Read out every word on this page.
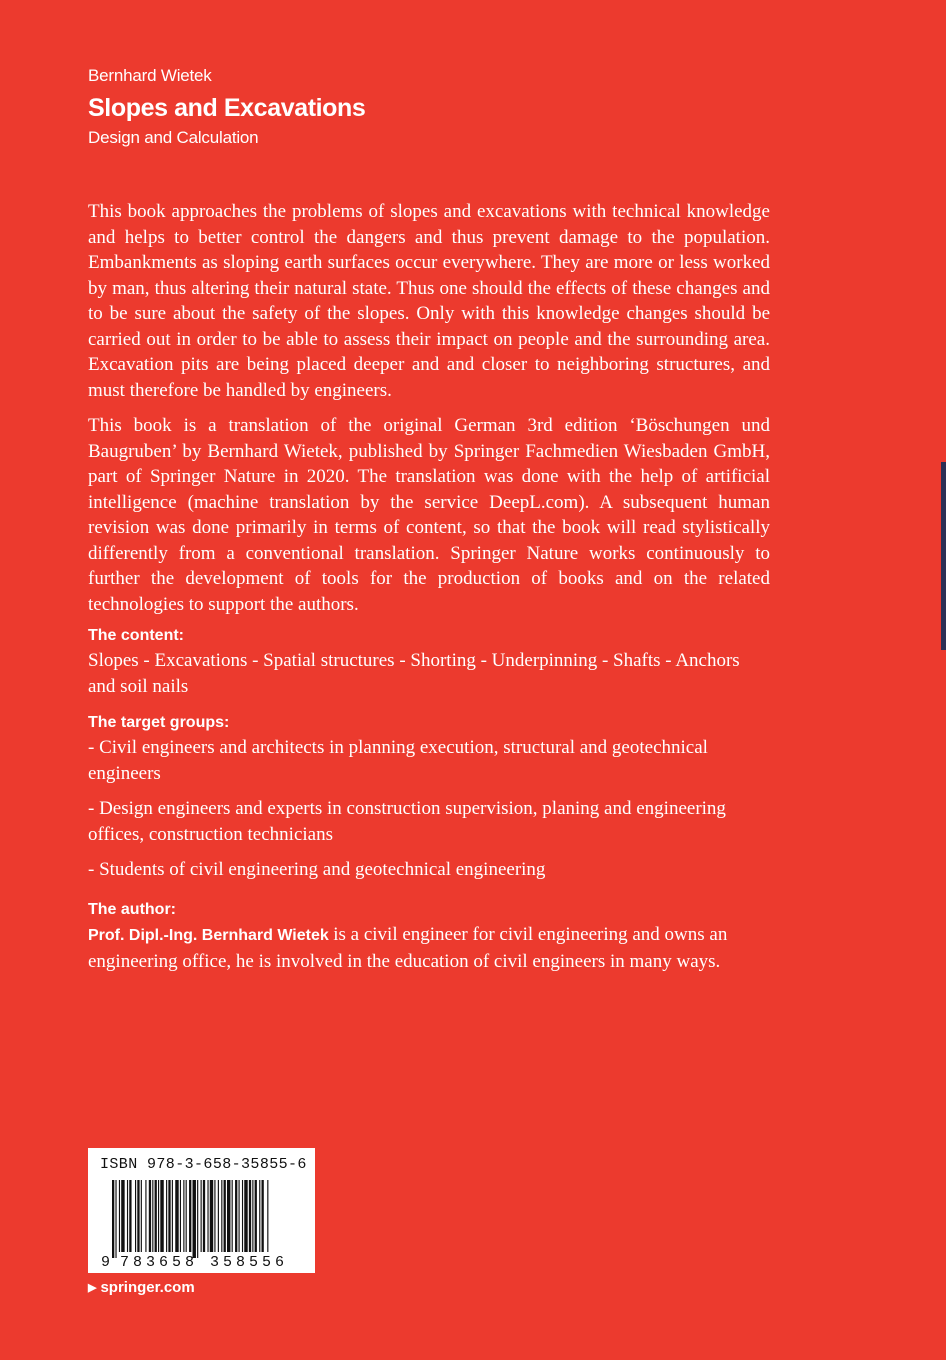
Bernhard Wietek
Slopes and Excavations
Design and Calculation

This book approaches the problems of slopes and excavations with technical knowledge and helps to better control the dangers and thus prevent damage to the population. Embankments as sloping earth surfaces occur everywhere. They are more or less worked by man, thus altering their natural state. Thus one should the effects of these changes and to be sure about the safety of the slopes. Only with this knowledge changes should be carried out in order to be able to assess their impact on people and the surrounding area. Excavation pits are being placed deeper and and closer to neighboring structures, and must therefore be handled by engineers.

This book is a translation of the original German 3rd edition ‘Böschungen und Baugruben’ by Bernhard Wietek, published by Springer Fachmedien Wiesbaden GmbH, part of Springer Nature in 2020. The translation was done with the help of artificial intelligence (machine translation by the service DeepL.com). A subsequent human revision was done primarily in terms of content, so that the book will read stylistically differently from a conventional translation. Springer Nature works continuously to further the development of tools for the production of books and on the related technologies to support the authors.

The content:
Slopes - Excavations - Spatial structures - Shorting - Underpinning - Shafts - Anchors and soil nails
The target groups:
- Civil engineers and architects in planning execution, structural and geotechnical engineers
- Design engineers and experts in construction supervision, planing and engineering offices, construction technicians
- Students of civil engineering and geotechnical engineering
The author:
Prof. Dipl.-Ing. Bernhard Wietek is a civil engineer for civil engineering and owns an engineering office, he is involved in the education of civil engineers in many ways.
ISBN 978-3-658-35855-6
9 783658 358556
▶ springer.com
